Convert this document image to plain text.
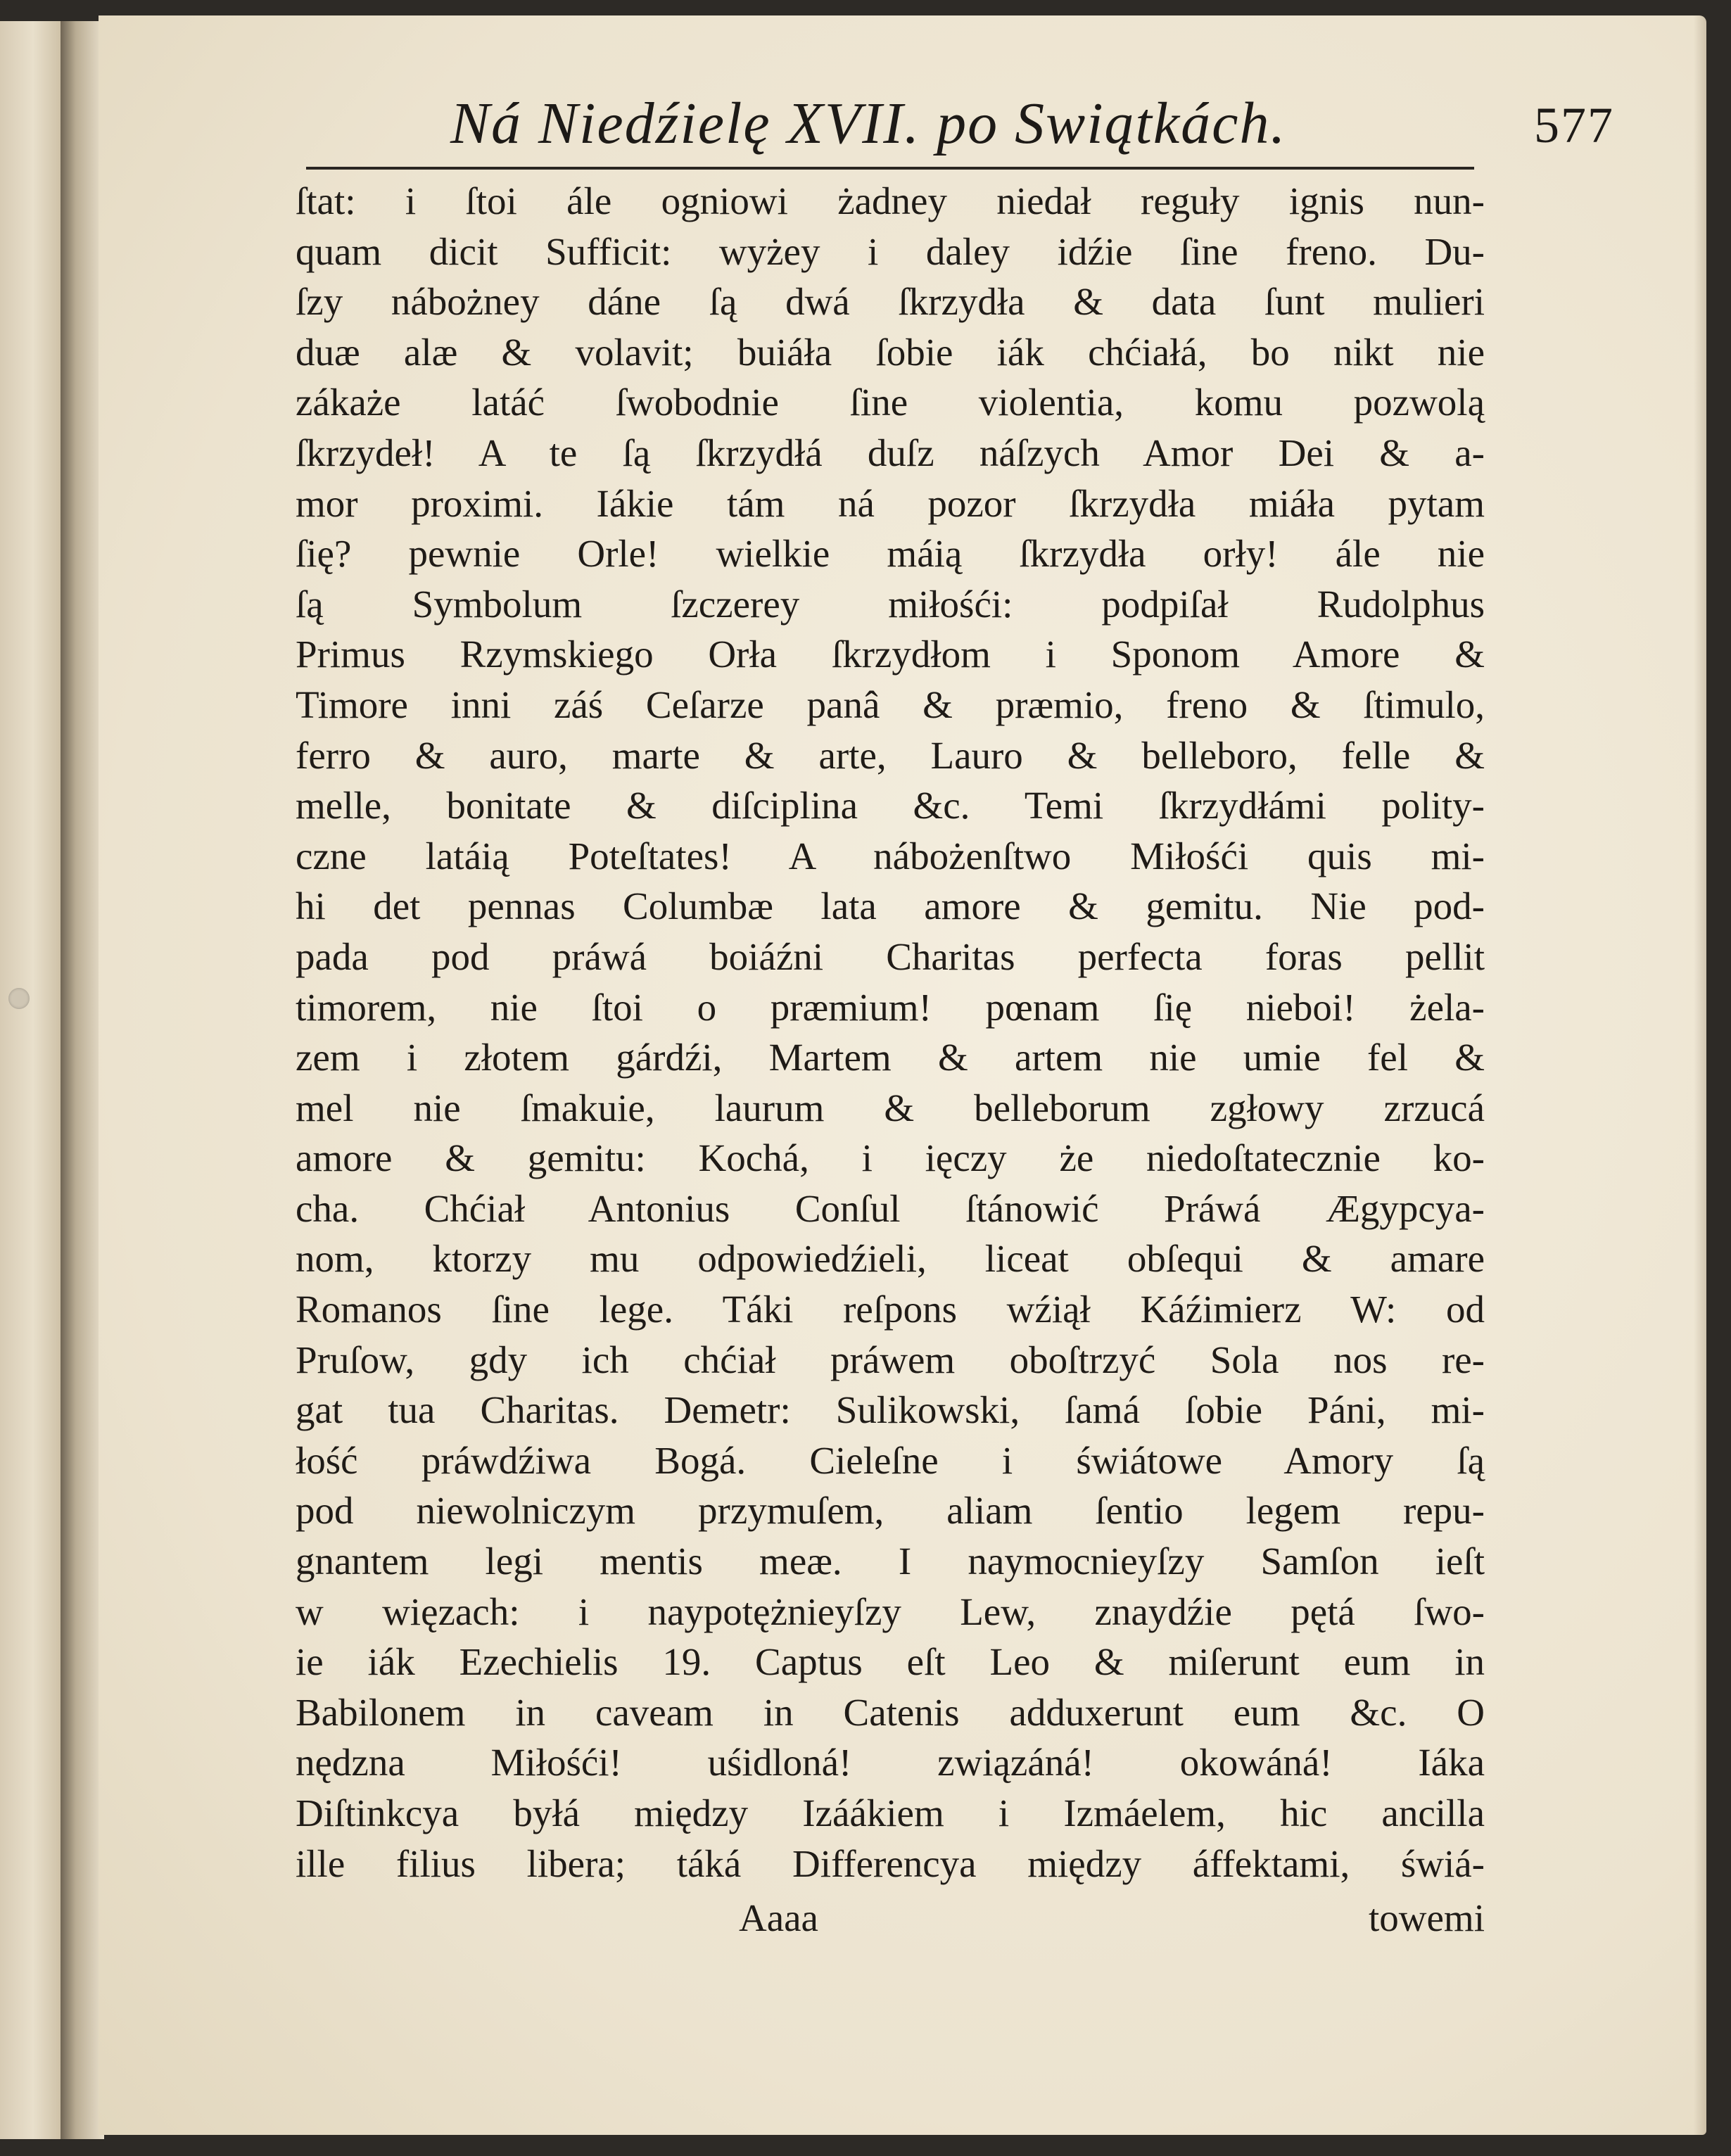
Ná Niedźielę XVII. po Swiątkách.	577
ſtat: i ſtoi ále ogniowi żadney niedał reguły ignis nun-
quam dicit Sufficit: wyżey i daley idźie ſine freno. Du-
ſzy nábożney dáne ſą dwá ſkrzydła & data ſunt mulieri
duæ alæ & volavit; buiáła ſobie iák chćiałá, bo nikt nie
zákaże latáć ſwobodnie ſine violentia, komu pozwolą
ſkrzydeł! A te ſą ſkrzydłá duſz náſzych Amor Dei & a-
mor proximi. Iákie tám ná pozor ſkrzydła miáła pytam
ſię? pewnie Orle! wielkie máią ſkrzydła orły! ále nie
ſą Symbolum ſzczerey miłośći: podpiſał Rudolphus
Primus Rzymskiego Orła ſkrzydłom i Sponom Amore &
Timore inni záś Ceſarze panâ & præmio, freno & ſtimulo,
ferro & auro, marte & arte, Lauro & belleboro, felle &
melle, bonitate & diſciplina &c. Temi ſkrzydłámi polity-
czne latáią Poteſtates! A nábożenſtwo Miłośći quis mi-
hi det pennas Columbæ lata amore & gemitu. Nie pod-
pada pod práwá boiáźni Charitas perfecta foras pellit
timorem, nie ſtoi o præmium! pœnam ſię nieboi! żela-
zem i złotem gárdźi, Martem & artem nie umie fel &
mel nie ſmakuie, laurum & belleborum zgłowy zrzucá
amore & gemitu: Kochá, i ięczy że niedoſtatecznie ko-
cha. Chćiał Antonius Conſul ſtánowić Práwá Ægypcya-
nom, ktorzy mu odpowiedźieli, liceat obſequi & amare
Romanos ſine lege. Táki reſpons wźiął Káźimierz W: od
Pruſow, gdy ich chćiał práwem oboſtrzyć Sola nos re-
gat tua Charitas. Demetr: Sulikowski, ſamá ſobie Páni, mi-
łość práwdźiwa Bogá. Cieleſne i świátowe Amory ſą
pod niewolniczym przymuſem, aliam ſentio legem repu-
gnantem legi mentis meæ. I naymocnieyſzy Samſon ieſt
w więzach: i naypotężnieyſzy Lew, znaydźie pętá ſwo-
ie iák Ezechielis 19. Captus eſt Leo & miſerunt eum in
Babilonem in caveam in Catenis adduxerunt eum &c. O
nędzna Miłośći! uśidloná! związáná! okowáná! Iáka
Diſtinkcya byłá między Izáákiem i Izmáelem, hic ancilla
ille filius libera; táká Differencya między áffektami, świá-
Aaaa	towemi
